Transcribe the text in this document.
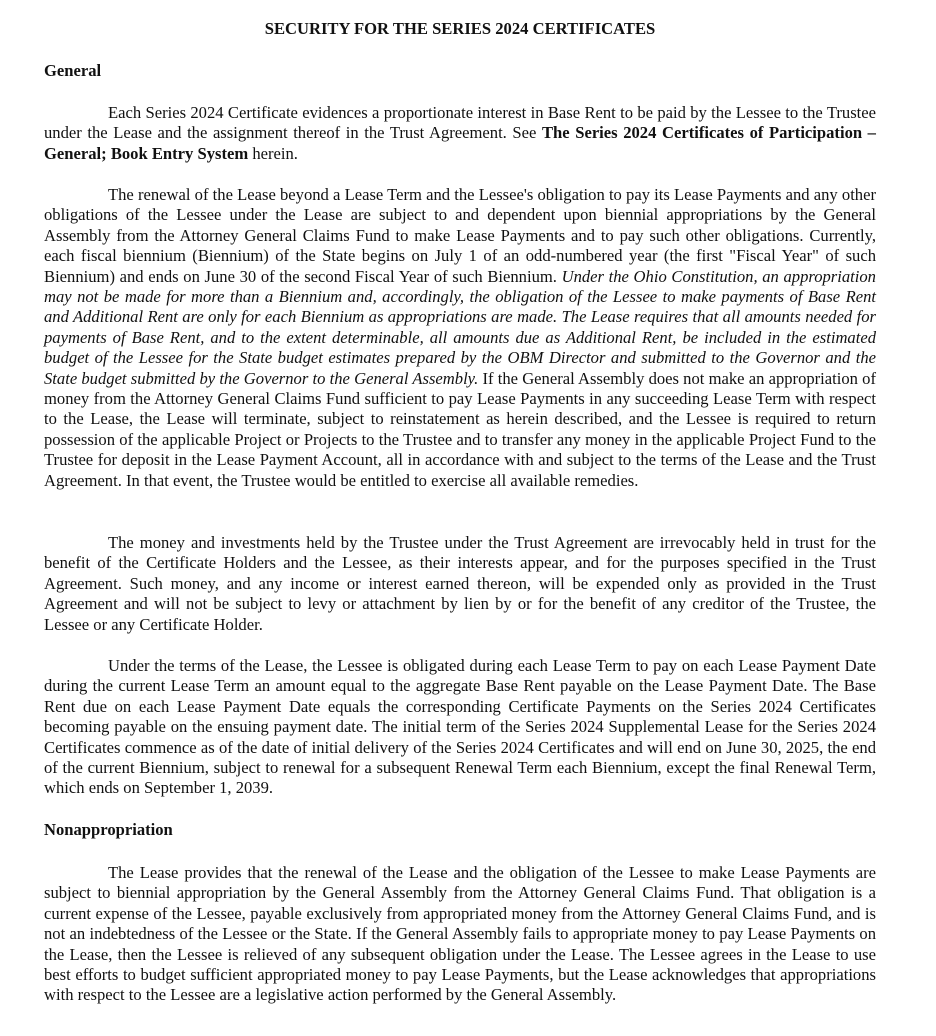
SECURITY FOR THE SERIES 2024 CERTIFICATES
General

Each Series 2024 Certificate evidences a proportionate interest in Base Rent to be paid by the Lessee to the Trustee under the Lease and the assignment thereof in the Trust Agreement. See The Series 2024 Certificates of Participation – General; Book Entry System herein.

The renewal of the Lease beyond a Lease Term and the Lessee's obligation to pay its Lease Payments and any other obligations of the Lessee under the Lease are subject to and dependent upon biennial appropriations by the General Assembly from the Attorney General Claims Fund to make Lease Payments and to pay such other obligations. Currently, each fiscal biennium (Biennium) of the State begins on July 1 of an odd-numbered year (the first "Fiscal Year" of such Biennium) and ends on June 30 of the second Fiscal Year of such Biennium. Under the Ohio Constitution, an appropriation may not be made for more than a Biennium and, accordingly, the obligation of the Lessee to make payments of Base Rent and Additional Rent are only for each Biennium as appropriations are made. The Lease requires that all amounts needed for payments of Base Rent, and to the extent determinable, all amounts due as Additional Rent, be included in the estimated budget of the Lessee for the State budget estimates prepared by the OBM Director and submitted to the Governor and the State budget submitted by the Governor to the General Assembly. If the General Assembly does not make an appropriation of money from the Attorney General Claims Fund sufficient to pay Lease Payments in any succeeding Lease Term with respect to the Lease, the Lease will terminate, subject to reinstatement as herein described, and the Lessee is required to return possession of the applicable Project or Projects to the Trustee and to transfer any money in the applicable Project Fund to the Trustee for deposit in the Lease Payment Account, all in accordance with and subject to the terms of the Lease and the Trust Agreement. In that event, the Trustee would be entitled to exercise all available remedies.

The money and investments held by the Trustee under the Trust Agreement are irrevocably held in trust for the benefit of the Certificate Holders and the Lessee, as their interests appear, and for the purposes specified in the Trust Agreement. Such money, and any income or interest earned thereon, will be expended only as provided in the Trust Agreement and will not be subject to levy or attachment by lien by or for the benefit of any creditor of the Trustee, the Lessee or any Certificate Holder.

Under the terms of the Lease, the Lessee is obligated during each Lease Term to pay on each Lease Payment Date during the current Lease Term an amount equal to the aggregate Base Rent payable on the Lease Payment Date. The Base Rent due on each Lease Payment Date equals the corresponding Certificate Payments on the Series 2024 Certificates becoming payable on the ensuing payment date. The initial term of the Series 2024 Supplemental Lease for the Series 2024 Certificates commence as of the date of initial delivery of the Series 2024 Certificates and will end on June 30, 2025, the end of the current Biennium, subject to renewal for a subsequent Renewal Term each Biennium, except the final Renewal Term, which ends on September 1, 2039.

Nonappropriation

The Lease provides that the renewal of the Lease and the obligation of the Lessee to make Lease Payments are subject to biennial appropriation by the General Assembly from the Attorney General Claims Fund. That obligation is a current expense of the Lessee, payable exclusively from appropriated money from the Attorney General Claims Fund, and is not an indebtedness of the Lessee or the State. If the General Assembly fails to appropriate money to pay Lease Payments on the Lease, then the Lessee is relieved of any subsequent obligation under the Lease. The Lessee agrees in the Lease to use best efforts to budget sufficient appropriated money to pay Lease Payments, but the Lease acknowledges that appropriations with respect to the Lessee are a legislative action performed by the General Assembly.
